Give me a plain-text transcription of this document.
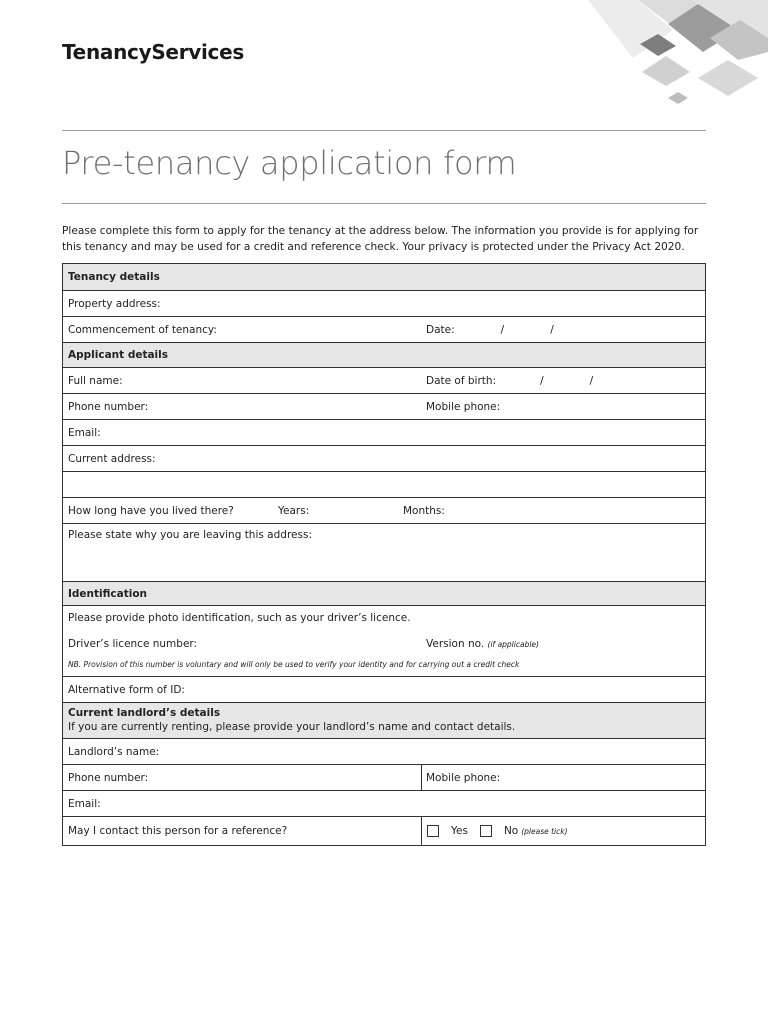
TenancyServices
Pre-tenancy application form
Please complete this form to apply for the tenancy at the address below. The information you provide is for applying for this tenancy and may be used for a credit and reference check. Your privacy is protected under the Privacy Act 2020.
Tenancy details
Property address:
Commencement of tenancy:	Date:	/	/
Applicant details
Full name:	Date of birth:	/	/
Phone number:	Mobile phone:
Email:
Current address:
How long have you lived there?	Years:	Months:
Please state why you are leaving this address:
Identification
Please provide photo identification, such as your driver’s licence.
Driver’s licence number:	Version no. (if applicable)
NB. Provision of this number is voluntary and will only be used to verify your identity and for carrying out a credit check
Alternative form of ID:
Current landlord’s details
If you are currently renting, please provide your landlord’s name and contact details.
Landlord’s name:
Phone number:	Mobile phone:
Email:
May I contact this person for a reference?	Yes	No (please tick)
